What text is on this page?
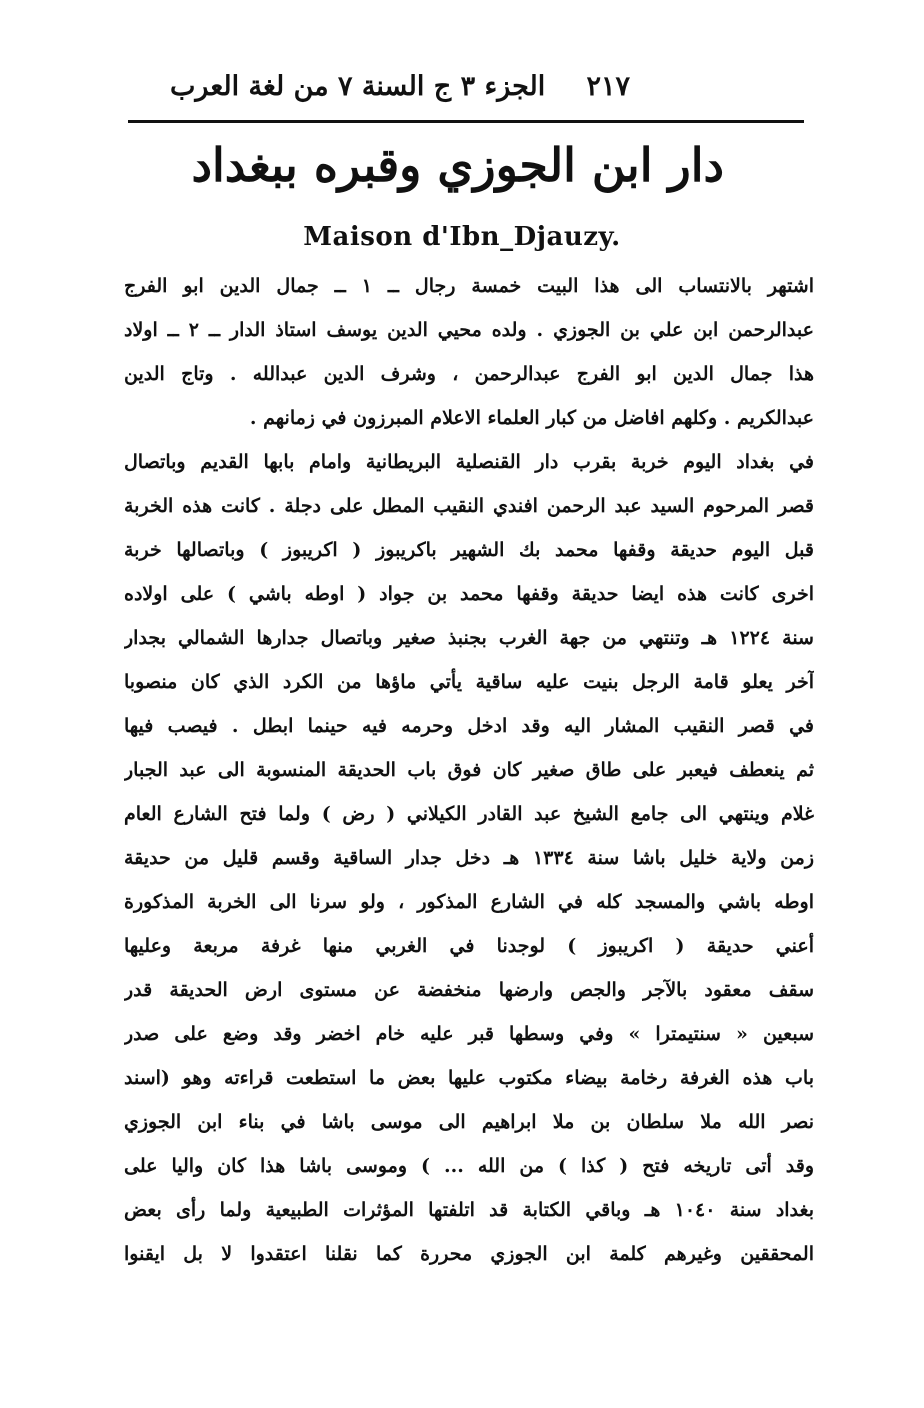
الجزء ٣ ج السنة ٧ من لغة العرب ٢١٧
دار ابن الجوزي وقبره ببغداد
Maison d'Ibn_Djauzy.
اشتهر بالانتساب الى هذا البيت خمسة رجال ــ ١ ــ جمال الدين ابو الفرج
عبدالرحمن ابن علي بن الجوزي . ولده محيي الدين يوسف استاذ الدار ــ ٢ ــ اولاد
هذا جمال الدين ابو الفرج عبدالرحمن ، وشرف الدين عبدالله . وتاج الدين
عبدالكريم . وكلهم افاضل من كبار العلماء الاعلام المبرزون في زمانهم .
في بغداد اليوم خربة بقرب دار القنصلية البريطانية وامام بابها القديم وباتصال
قصر المرحوم السيد عبد الرحمن افندي النقيب المطل على دجلة . كانت هذه الخربة
قبل اليوم حديقة وقفها محمد بك الشهير باكريبوز ( اكريبوز ) وباتصالها خربة
اخرى كانت هذه ايضا حديقة وقفها محمد بن جواد ( اوطه باشي ) على اولاده
سنة ١٢٢٤ هـ وتنتهي من جهة الغرب بجنبذ صغير وباتصال جدارها الشمالي بجدار
آخر يعلو قامة الرجل بنيت عليه ساقية يأتي ماؤها من الكرد الذي كان منصوبا
في قصر النقيب المشار اليه وقد ادخل وحرمه فيه حينما ابطل . فيصب فيها
ثم ينعطف فيعبر على طاق صغير كان فوق باب الحديقة المنسوبة الى عبد الجبار
غلام وينتهي الى جامع الشيخ عبد القادر الكيلاني ( رض ) ولما فتح الشارع العام
زمن ولاية خليل باشا سنة ١٣٣٤ هـ دخل جدار الساقية وقسم قليل من حديقة
اوطه باشي والمسجد كله في الشارع المذكور ، ولو سرنا الى الخربة المذكورة
أعني حديقة ( اكريبوز ) لوجدنا في الغربي منها غرفة مربعة وعليها
سقف معقود بالآجر والجص وارضها منخفضة عن مستوى ارض الحديقة قدر
سبعين « سنتيمترا » وفي وسطها قبر عليه خام اخضر وقد وضع على صدر
باب هذه الغرفة رخامة بيضاء مكتوب عليها بعض ما استطعت قراءته وهو (اسند
نصر الله ملا سلطان بن ملا ابراهيم الى موسى باشا في بناء ابن الجوزي
وقد أتى تاريخه فتح ( كذا ) من الله ... ) وموسى باشا هذا كان واليا على
بغداد سنة ١٠٤٠ هـ وباقي الكتابة قد اتلفتها المؤثرات الطبيعية ولما رأى بعض
المحققين وغيرهم كلمة ابن الجوزي محررة كما نقلنا اعتقدوا لا بل ايقنوا
